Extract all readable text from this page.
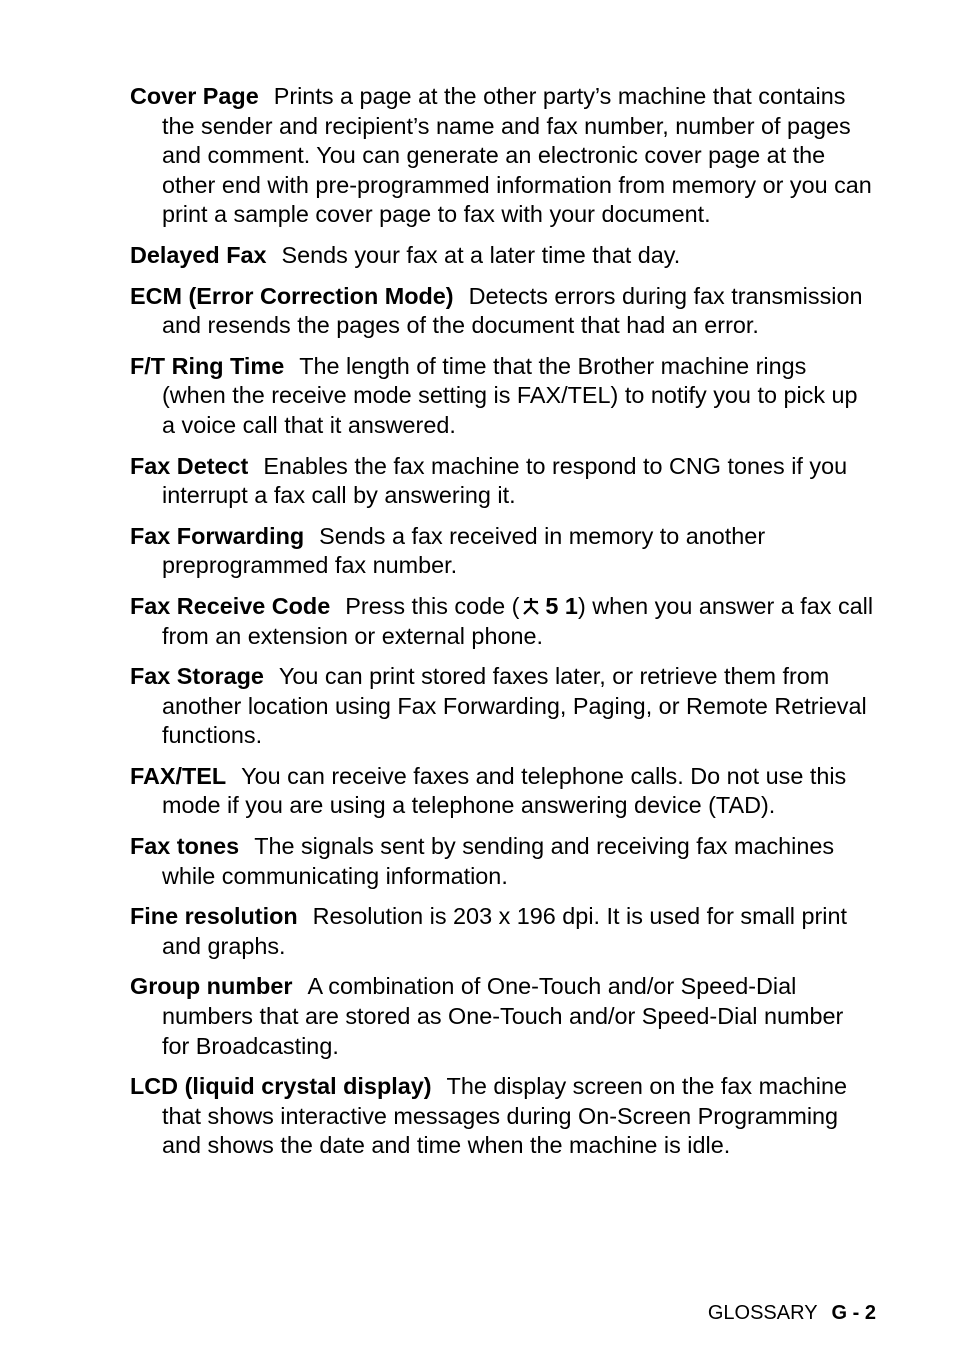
Cover Page Prints a page at the other party’s machine that contains the sender and recipient’s name and fax number, number of pages and comment. You can generate an electronic cover page at the other end with pre-programmed information from memory or you can print a sample cover page to fax with your document.

Delayed Fax Sends your fax at a later time that day.

ECM (Error Correction Mode) Detects errors during fax transmission and resends the pages of the document that had an error.

F/T Ring Time The length of time that the Brother machine rings (when the receive mode setting is FAX/TEL) to notify you to pick up a voice call that it answered.

Fax Detect Enables the fax machine to respond to CNG tones if you interrupt a fax call by answering it.

Fax Forwarding Sends a fax received in memory to another preprogrammed fax number.

Fax Receive Code Press this code ( 5 1) when you answer a fax call from an extension or external phone.

Fax Storage You can print stored faxes later, or retrieve them from another location using Fax Forwarding, Paging, or Remote Retrieval functions.

FAX/TEL You can receive faxes and telephone calls. Do not use this mode if you are using a telephone answering device (TAD).

Fax tones The signals sent by sending and receiving fax machines while communicating information.

Fine resolution Resolution is 203 x 196 dpi. It is used for small print and graphs.

Group number A combination of One-Touch and/or Speed-Dial numbers that are stored as One-Touch and/or Speed-Dial number for Broadcasting.

LCD (liquid crystal display) The display screen on the fax machine that shows interactive messages during On-Screen Programming and shows the date and time when the machine is idle.

GLOSSARY G - 2
